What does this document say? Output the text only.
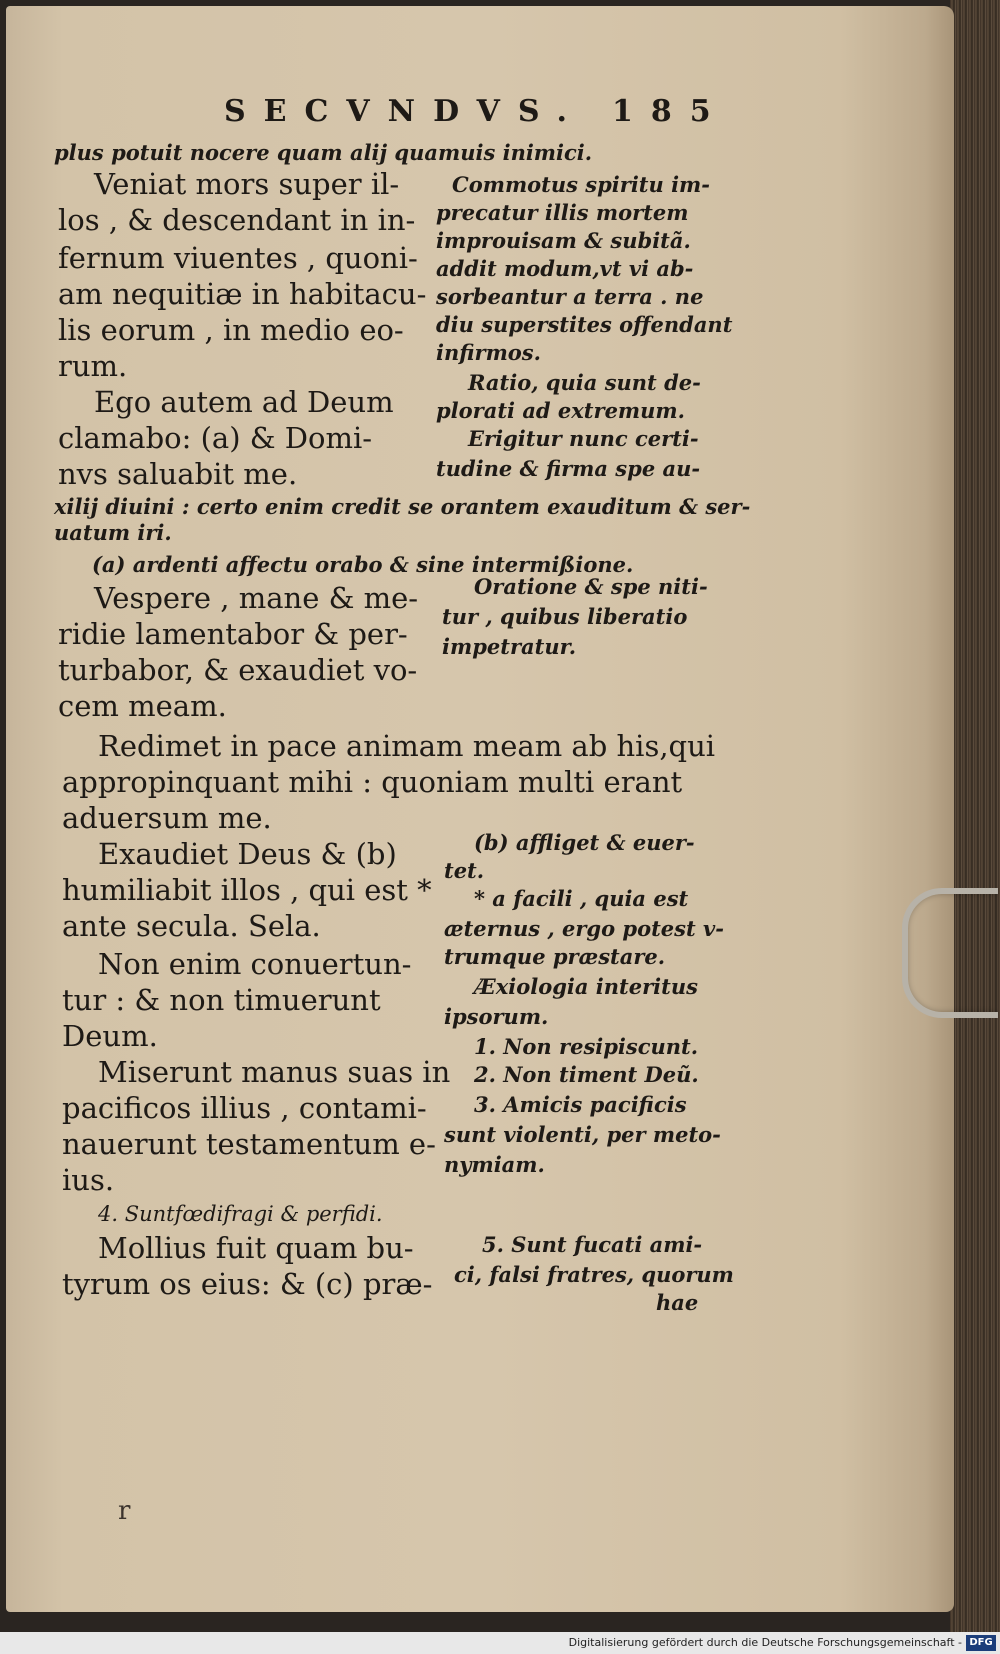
SECVNDVS. 185
plus potuit nocere quam alij quamuis inimici.
Veniat mors super il-
los , & descendant in in-
fernum viuentes , quoni-
am nequitiæ in habitacu-
lis eorum , in medio eo-
rum.
Ego autem ad Deum
clamabo: (a) & Domi-
nvs saluabit me.
xilij diuini : certo enim credit se orantem exauditum & ser-
uatum iri.
(a) ardenti affectu orabo & sine intermißione.
Vespere , mane & me-
ridie lamentabor & per-
turbabor, & exaudiet vo-
cem meam.
Redimet in pace animam meam ab his,qui
appropinquant mihi : quoniam multi erant
aduersum me.
Exaudiet Deus & (b)
humiliabit illos , qui est *
ante secula. Sela.
Non enim conuertun-
tur : & non timuerunt
Deum.
Miserunt manus suas in
pacificos illius , contami-
nauerunt testamentum e-
ius.
4. Suntfœdifragi & perfidi.
Mollius fuit quam bu-
tyrum os eius: & (c) præ-
Commotus spiritu im-
precatur illis mortem
improuisam & subitã.
addit modum,vt vi ab-
sorbeantur a terra . ne
diu superstites offendant
infirmos.
Ratio, quia sunt de-
plorati ad extremum.
Erigitur nunc certi-
tudine & firma spe au-
Oratione & spe niti-
tur , quibus liberatio
impetratur.
(b) affliget & euer-
tet.
* a facili , quia est
æternus , ergo potest v-
trumque præstare.
Æxiologia interitus
ipsorum.
1. Non resipiscunt.
2. Non timent Deũ.
3. Amicis pacificis
sunt violenti, per meto-
nymiam.
5. Sunt fucati ami-
ci, falsi fratres, quorum
hae
r
Digitalisierung gefördert durch die Deutsche Forschungsgemeinschaft - DFG
